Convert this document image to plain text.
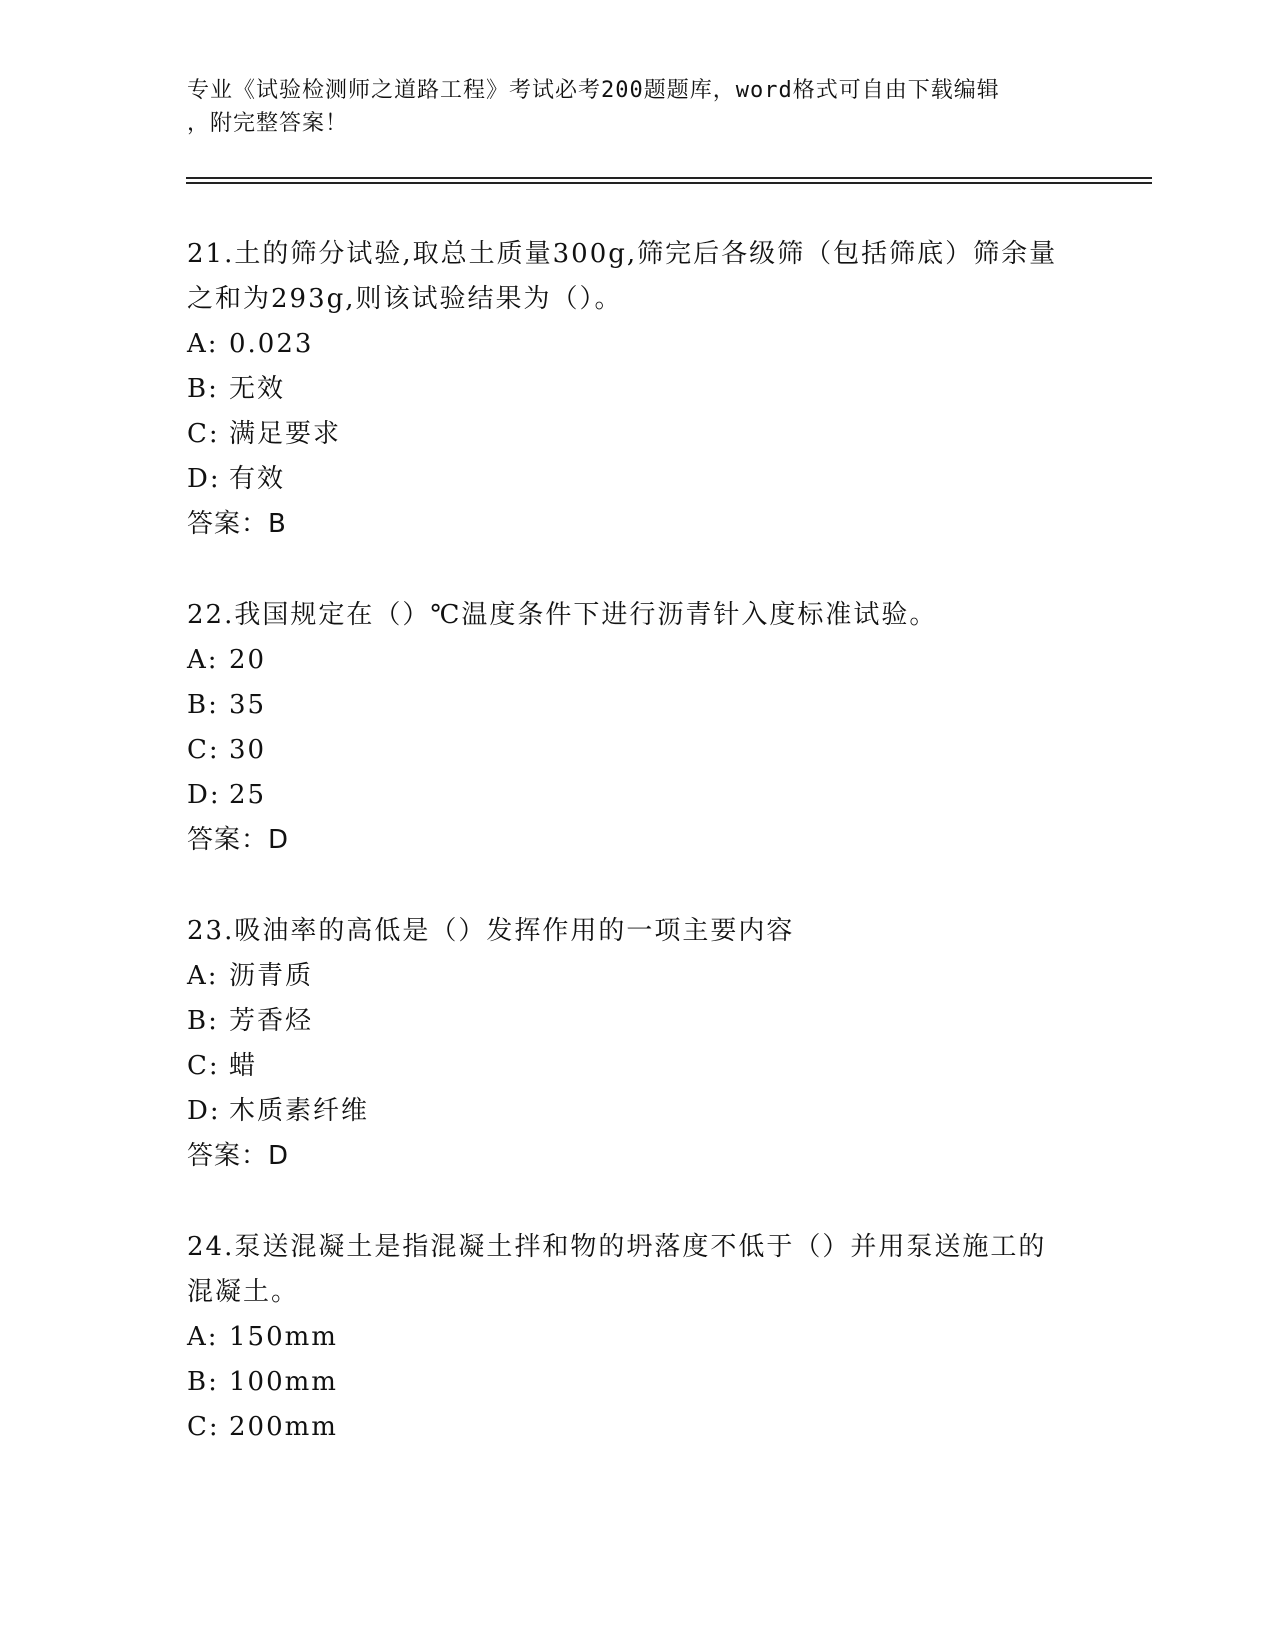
专业《试验检测师之道路工程》考试必考200题题库，word格式可自由下载编辑
，附完整答案！
21.土的筛分试验,取总土质量300g,筛完后各级筛（包括筛底）筛余量
之和为293g,则该试验结果为（）。
A: 0.023
B: 无效
C: 满足要求
D: 有效
答案：B
22.我国规定在（）℃温度条件下进行沥青针入度标准试验。
A: 20
B: 35
C: 30
D: 25
答案：D
23.吸油率的高低是（）发挥作用的一项主要内容
A: 沥青质
B: 芳香烃
C: 蜡
D: 木质素纤维
答案：D
24.泵送混凝土是指混凝土拌和物的坍落度不低于（）并用泵送施工的
混凝土。
A: 150mm
B: 100mm
C: 200mm
